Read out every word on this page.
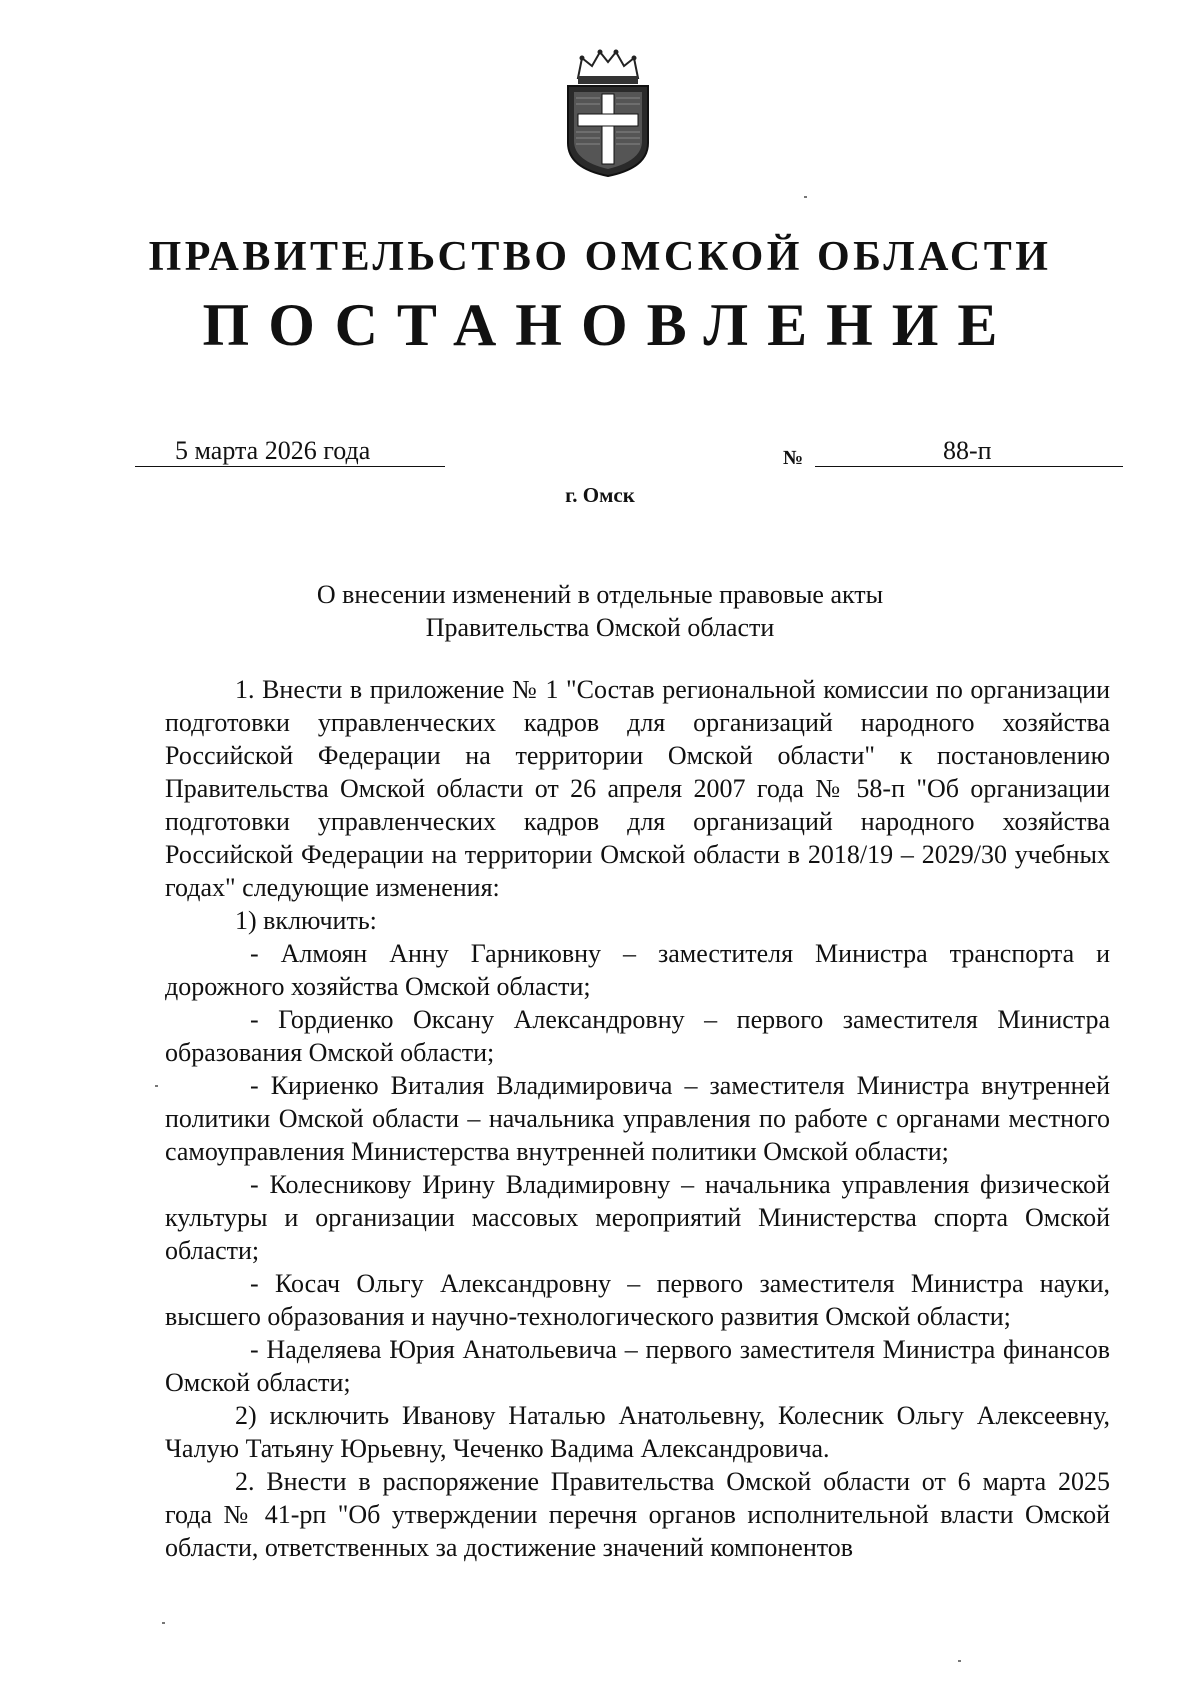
ПРАВИТЕЛЬСТВО ОМСКОЙ ОБЛАСТИ
ПОСТАНОВЛЕНИЕ
5 марта 2026 года	№	88-п
г. Омск
О внесении изменений в отдельные правовые акты
Правительства Омской области

1. Внести в приложение № 1 "Состав региональной комиссии по организации подготовки управленческих кадров для организаций народного хозяйства Российской Федерации на территории Омской области" к постановлению Правительства Омской области от 26 апреля 2007 года № 58-п "Об организации подготовки управленческих кадров для организаций народного хозяйства Российской Федерации на территории Омской области в 2018/19 – 2029/30 учебных годах" следующие изменения:

1) включить:

- Алмоян Анну Гарниковну – заместителя Министра транспорта и дорожного хозяйства Омской области;

- Гордиенко Оксану Александровну – первого заместителя Министра образования Омской области;

- Кириенко Виталия Владимировича – заместителя Министра внутренней политики Омской области – начальника управления по работе с органами местного самоуправления Министерства внутренней политики Омской области;

- Колесникову Ирину Владимировну – начальника управления физической культуры и организации массовых мероприятий Министерства спорта Омской области;

- Косач Ольгу Александровну – первого заместителя Министра науки, высшего образования и научно-технологического развития Омской области;

- Наделяева Юрия Анатольевича – первого заместителя Министра финансов Омской области;

2) исключить Иванову Наталью Анатольевну, Колесник Ольгу Алексеевну, Чалую Татьяну Юрьевну, Чеченко Вадима Александровича.

2. Внести в распоряжение Правительства Омской области от 6 марта 2025 года № 41-рп "Об утверждении перечня органов исполнительной власти Омской области, ответственных за достижение значений компонентов
